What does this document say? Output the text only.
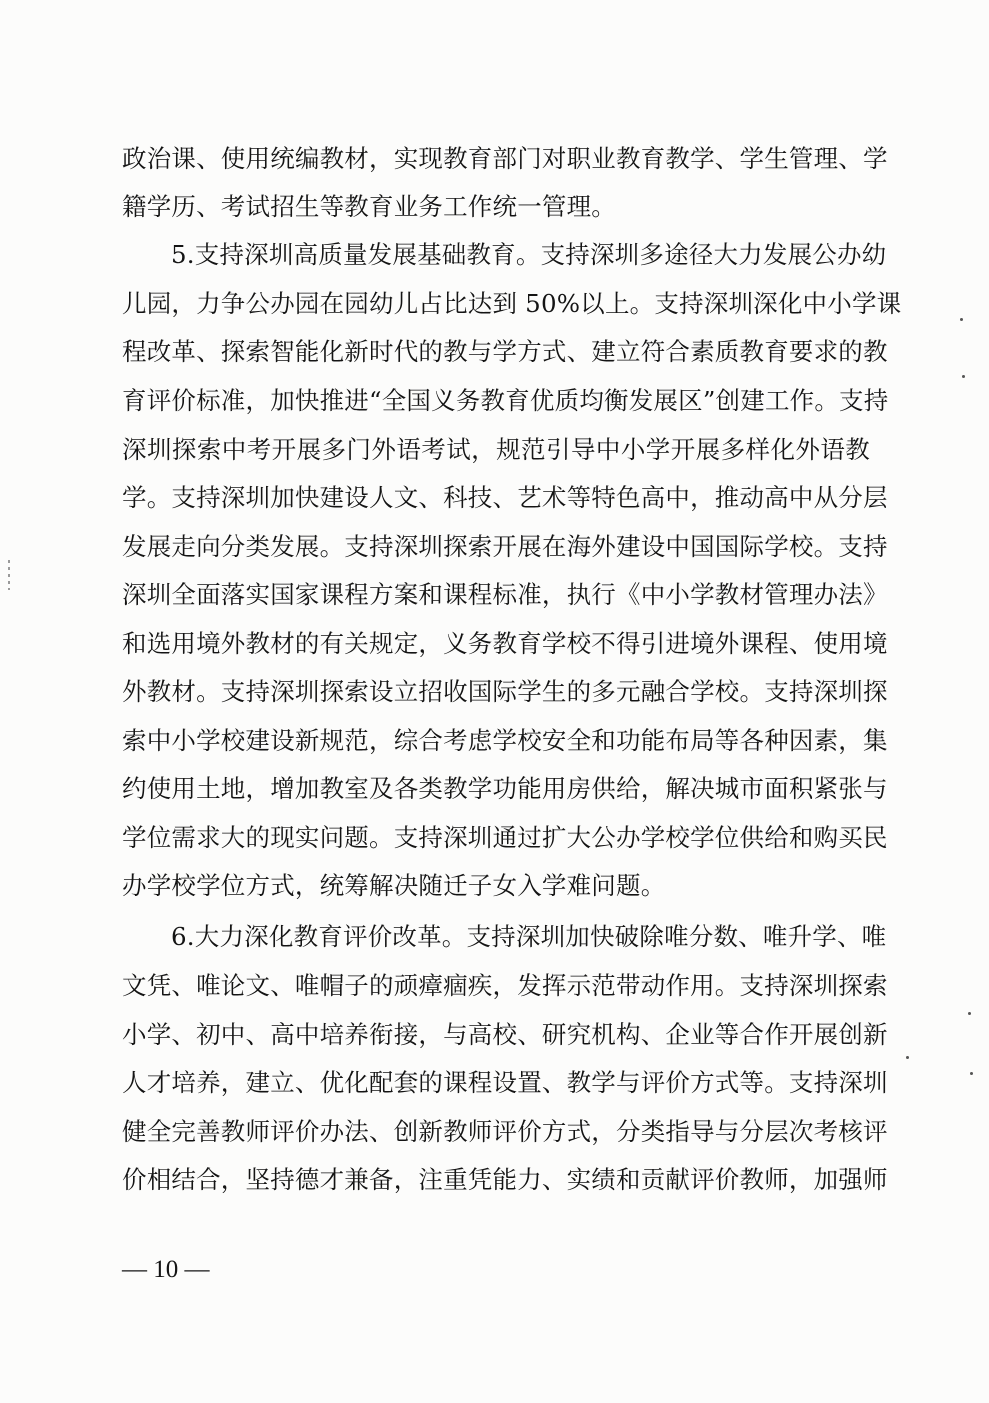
政治课、使用统编教材，实现教育部门对职业教育教学、学生管理、学
籍学历、考试招生等教育业务工作统一管理。
5.支持深圳高质量发展基础教育。支持深圳多途径大力发展公办幼
儿园，力争公办园在园幼儿占比达到 50%以上。支持深圳深化中小学课
程改革、探索智能化新时代的教与学方式、建立符合素质教育要求的教
育评价标准，加快推进“全国义务教育优质均衡发展区”创建工作。支持
深圳探索中考开展多门外语考试，规范引导中小学开展多样化外语教
学。支持深圳加快建设人文、科技、艺术等特色高中，推动高中从分层
发展走向分类发展。支持深圳探索开展在海外建设中国国际学校。支持
深圳全面落实国家课程方案和课程标准，执行《中小学教材管理办法》
和选用境外教材的有关规定，义务教育学校不得引进境外课程、使用境
外教材。支持深圳探索设立招收国际学生的多元融合学校。支持深圳探
索中小学校建设新规范，综合考虑学校安全和功能布局等各种因素，集
约使用土地，增加教室及各类教学功能用房供给，解决城市面积紧张与
学位需求大的现实问题。支持深圳通过扩大公办学校学位供给和购买民
办学校学位方式，统筹解决随迁子女入学难问题。
6.大力深化教育评价改革。支持深圳加快破除唯分数、唯升学、唯
文凭、唯论文、唯帽子的顽瘴痼疾，发挥示范带动作用。支持深圳探索
小学、初中、高中培养衔接，与高校、研究机构、企业等合作开展创新
人才培养，建立、优化配套的课程设置、教学与评价方式等。支持深圳
健全完善教师评价办法、创新教师评价方式，分类指导与分层次考核评
价相结合，坚持德才兼备，注重凭能力、实绩和贡献评价教师，加强师
— 10 —
